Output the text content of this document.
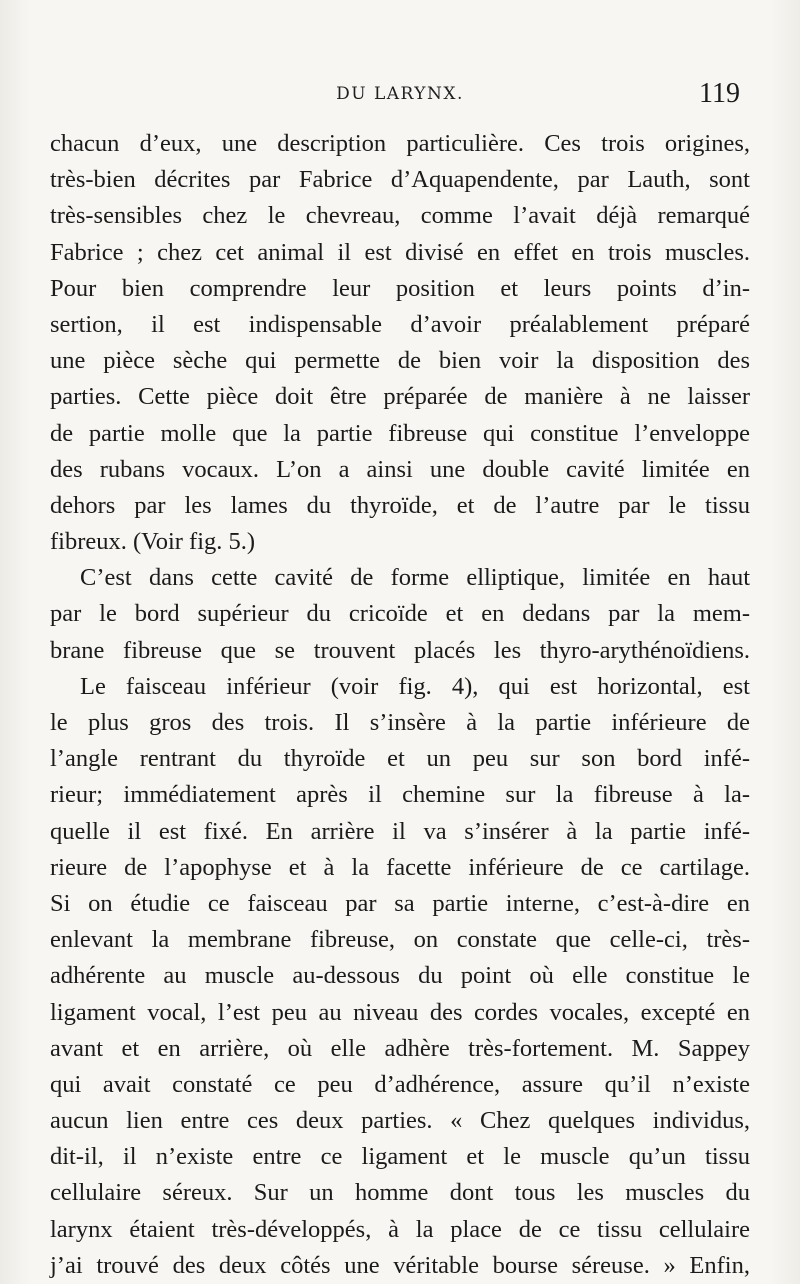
DU LARYNX.	119
chacun d’eux, une description particulière. Ces trois origines,
très-bien décrites par Fabrice d’Aquapendente, par Lauth, sont
très-sensibles chez le chevreau, comme l’avait déjà remarqué
Fabrice ; chez cet animal il est divisé en effet en trois muscles.
Pour bien comprendre leur position et leurs points d’in-
sertion, il est indispensable d’avoir préalablement préparé
une pièce sèche qui permette de bien voir la disposition des
parties. Cette pièce doit être préparée de manière à ne laisser
de partie molle que la partie fibreuse qui constitue l’enveloppe
des rubans vocaux. L’on a ainsi une double cavité limitée en
dehors par les lames du thyroïde, et de l’autre par le tissu
fibreux. (Voir fig. 5.)
C’est dans cette cavité de forme elliptique, limitée en haut
par le bord supérieur du cricoïde et en dedans par la mem-
brane fibreuse que se trouvent placés les thyro-arythénoïdiens.
Le faisceau inférieur (voir fig. 4), qui est horizontal, est
le plus gros des trois. Il s’insère à la partie inférieure de
l’angle rentrant du thyroïde et un peu sur son bord infé-
rieur; immédiatement après il chemine sur la fibreuse à la-
quelle il est fixé. En arrière il va s’insérer à la partie infé-
rieure de l’apophyse et à la facette inférieure de ce cartilage.
Si on étudie ce faisceau par sa partie interne, c’est-à-dire en
enlevant la membrane fibreuse, on constate que celle-ci, très-
adhérente au muscle au-dessous du point où elle constitue le
ligament vocal, l’est peu au niveau des cordes vocales, excepté en
avant et en arrière, où elle adhère très-fortement. M. Sappey
qui avait constaté ce peu d’adhérence, assure qu’il n’existe
aucun lien entre ces deux parties. « Chez quelques individus,
dit-il, il n’existe entre ce ligament et le muscle qu’un tissu
cellulaire séreux. Sur un homme dont tous les muscles du
larynx étaient très-développés, à la place de ce tissu cellulaire
j’ai trouvé des deux côtés une véritable bourse séreuse. » Enfin,
